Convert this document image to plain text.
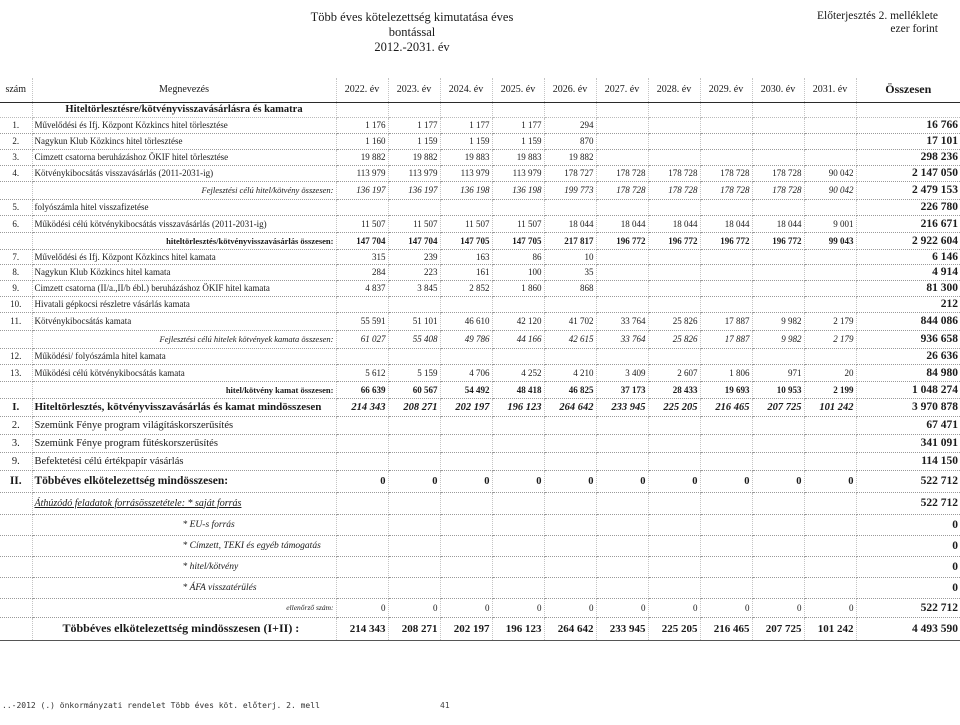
Több éves kötelezettség kimutatása éves
bontással
2012.-2031. év
Előterjesztés 2. melléklete
ezer forint
szám	Megnevezés	2022. év	2023. év	2024. év	2025. év	2026. év	2027. év	2028. év	2029. év	2030. év	2031. év	Összesen
	Hiteltörlesztésre/kötvényvisszavásárlásra és kamatra											
1.	Művelődési és Ifj. Központ Közkincs hitel törlesztése	1 176	1 177	1 177	1 177	294						16 766
2.	Nagykun Klub Közkincs hitel törlesztése	1 160	1 159	1 159	1 159	870						17 101
3.	Cimzett csatorna beruházáshoz ÖKIF hitel törlesztése	19 882	19 882	19 883	19 883	19 882						298 236
4.	Kötvénykibocsátás visszavásárlás (2011-2031-ig)	113 979	113 979	113 979	113 979	178 727	178 728	178 728	178 728	178 728	90 042	2 147 050
	Fejlesztési célú hitel/kötvény összesen:	136 197	136 197	136 198	136 198	199 773	178 728	178 728	178 728	178 728	90 042	2 479 153
5.	folyószámla hitel visszafizetése											226 780
6.	Működési célú kötvénykibocsátás visszavásárlás (2011-2031-ig)	11 507	11 507	11 507	11 507	18 044	18 044	18 044	18 044	18 044	9 001	216 671
	hiteltörlesztés/kötvényvisszavásárlás összesen:	147 704	147 704	147 705	147 705	217 817	196 772	196 772	196 772	196 772	99 043	2 922 604
7.	Művelődési és Ifj. Központ Közkincs hitel kamata	315	239	163	86	10						6 146
8.	Nagykun Klub Közkincs hitel kamata	284	223	161	100	35						4 914
9.	Cimzett csatorna (II/a.,II/b ébl.) beruházáshoz ÖKIF hitel kamata	4 837	3 845	2 852	1 860	868						81 300
10.	Hivatali gépkocsi részletre vásárlás kamata											212
11.	Kötvénykibocsátás kamata	55 591	51 101	46 610	42 120	41 702	33 764	25 826	17 887	9 982	2 179	844 086
	Fejlesztési célú hitelek kötvények kamata összesen:	61 027	55 408	49 786	44 166	42 615	33 764	25 826	17 887	9 982	2 179	936 658
12.	Működési/ folyószámla hitel kamata											26 636
13.	Működési célú kötvénykibocsátás kamata	5 612	5 159	4 706	4 252	4 210	3 409	2 607	1 806	971	20	84 980
	hitel/kötvény kamat összesen:	66 639	60 567	54 492	48 418	46 825	37 173	28 433	19 693	10 953	2 199	1 048 274
I.	Hiteltörlesztés, kötvényvisszavásárlás és kamat mindösszesen	214 343	208 271	202 197	196 123	264 642	233 945	225 205	216 465	207 725	101 242	3 970 878
2.	Szemünk Fénye program világításkorszerűsítés											67 471
3.	Szemünk Fénye program fűtéskorszerűsítés											341 091
9.	Befektetési célú értékpapír vásárlás											114 150
II.	Többéves elkötelezettség mindösszesen:	0	0	0	0	0	0	0	0	0	0	522 712
	Áthúzódó feladatok forrásösszetétele: * saját forrás											522 712
	* EU-s forrás											0
	* Címzett, TEKI és egyéb támogatás											0
	* hitel/kötvény											0
	* ÁFA visszatérülés											0
	ellenőrző szám:	0	0	0	0	0	0	0	0	0	0	522 712
	Többéves elkötelezettség mindösszesen (I+II) :	214 343	208 271	202 197	196 123	264 642	233 945	225 205	216 465	207 725	101 242	4 493 590
..-2012 (.) önkormányzati rendelet Több éves köt. előterj. 2. mell	41
